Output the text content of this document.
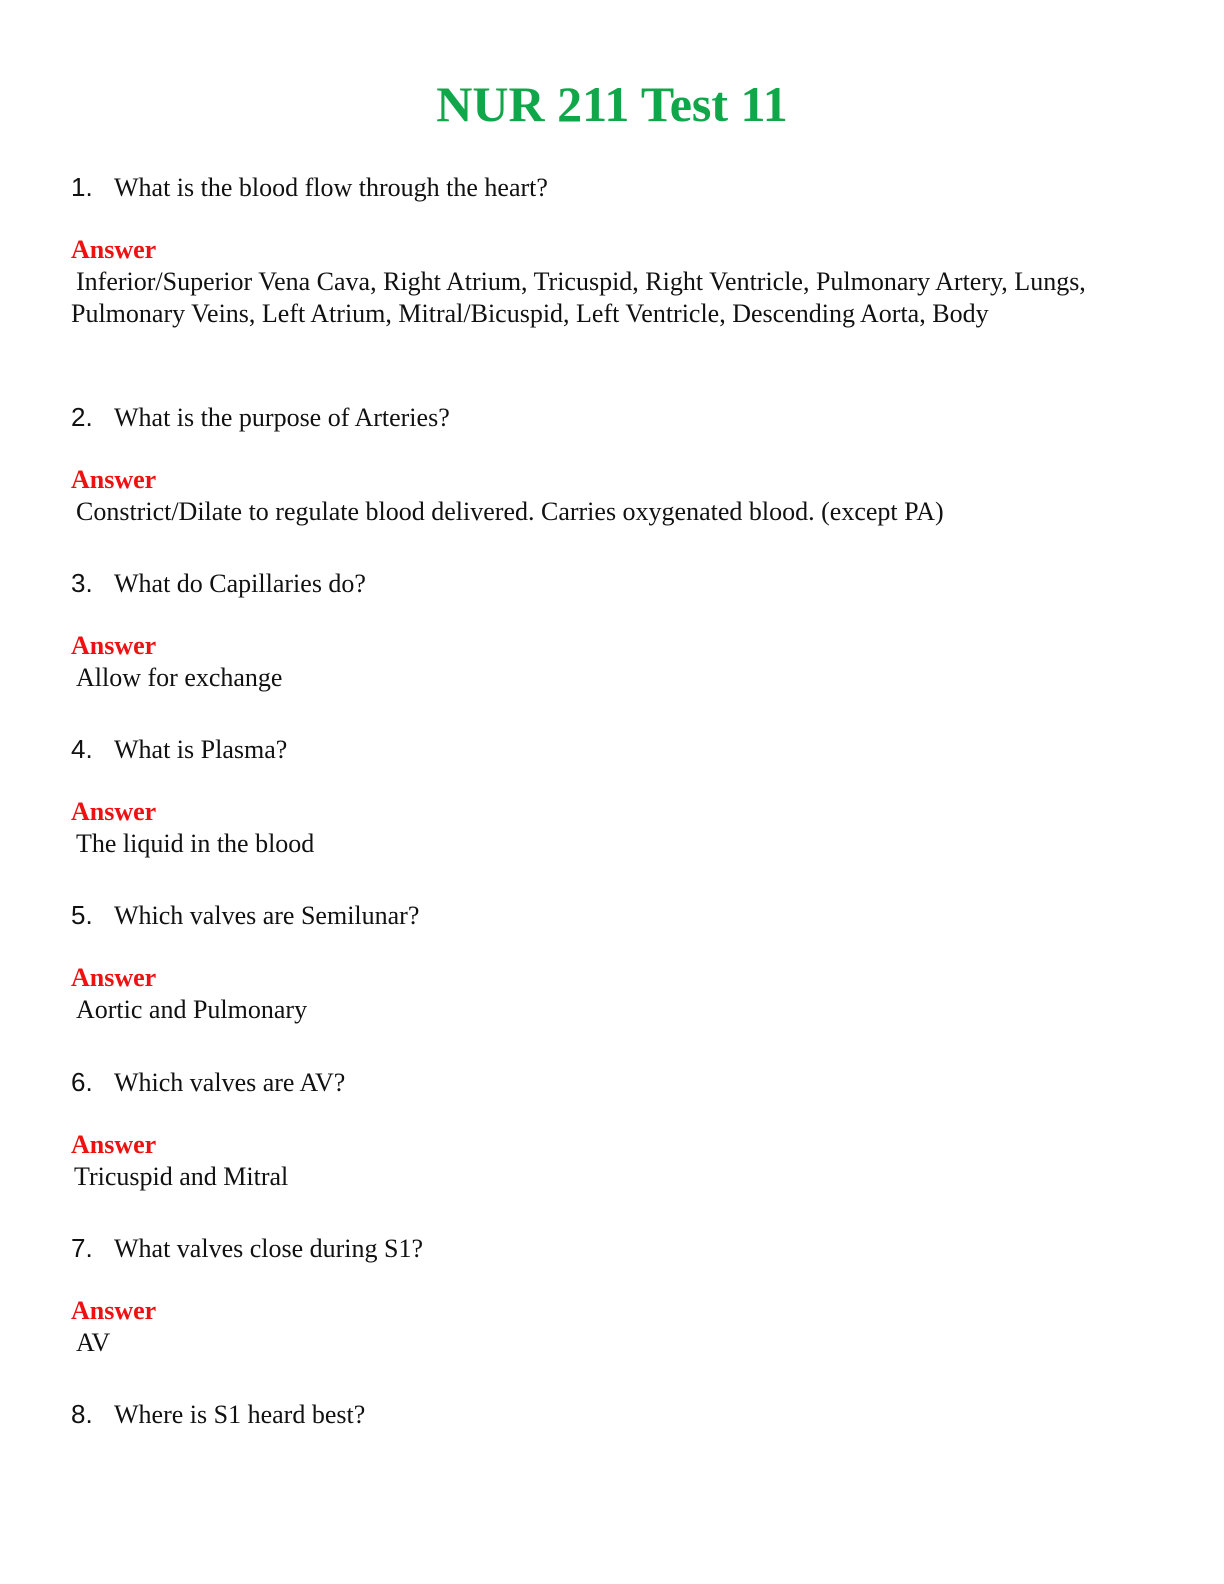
NUR 211 Test 11
1. What is the blood flow through the heart?
Answer
Inferior/Superior Vena Cava, Right Atrium, Tricuspid, Right Ventricle, Pulmonary Artery, Lungs, Pulmonary Veins, Left Atrium, Mitral/Bicuspid, Left Ventricle, Descending Aorta, Body
2. What is the purpose of Arteries?
Answer
Constrict/Dilate to regulate blood delivered. Carries oxygenated blood. (except PA)
3. What do Capillaries do?
Answer
Allow for exchange
4. What is Plasma?
Answer
The liquid in the blood
5. Which valves are Semilunar?
Answer
Aortic and Pulmonary
6. Which valves are AV?
Answer
Tricuspid and Mitral
7. What valves close during S1?
Answer
AV
8. Where is S1 heard best?
